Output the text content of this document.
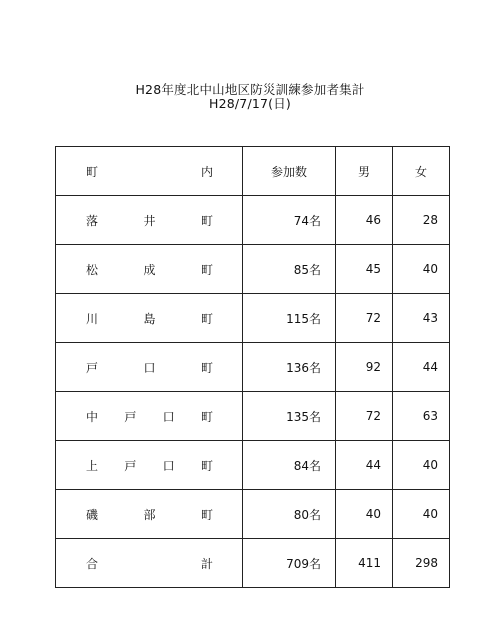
H28年度北中山地区防災訓練参加者集計
H28/7/17(日)
町 内	参加数	男	女

落 井 町	74名	46	28

松 成 町	85名	45	40

川 島 町	115名	72	43

戸 口 町	136名	92	44

中 戸 口 町	135名	72	63

上 戸 口 町	84名	44	40

磯 部 町	80名	40	40

合 計	709名	411	298
